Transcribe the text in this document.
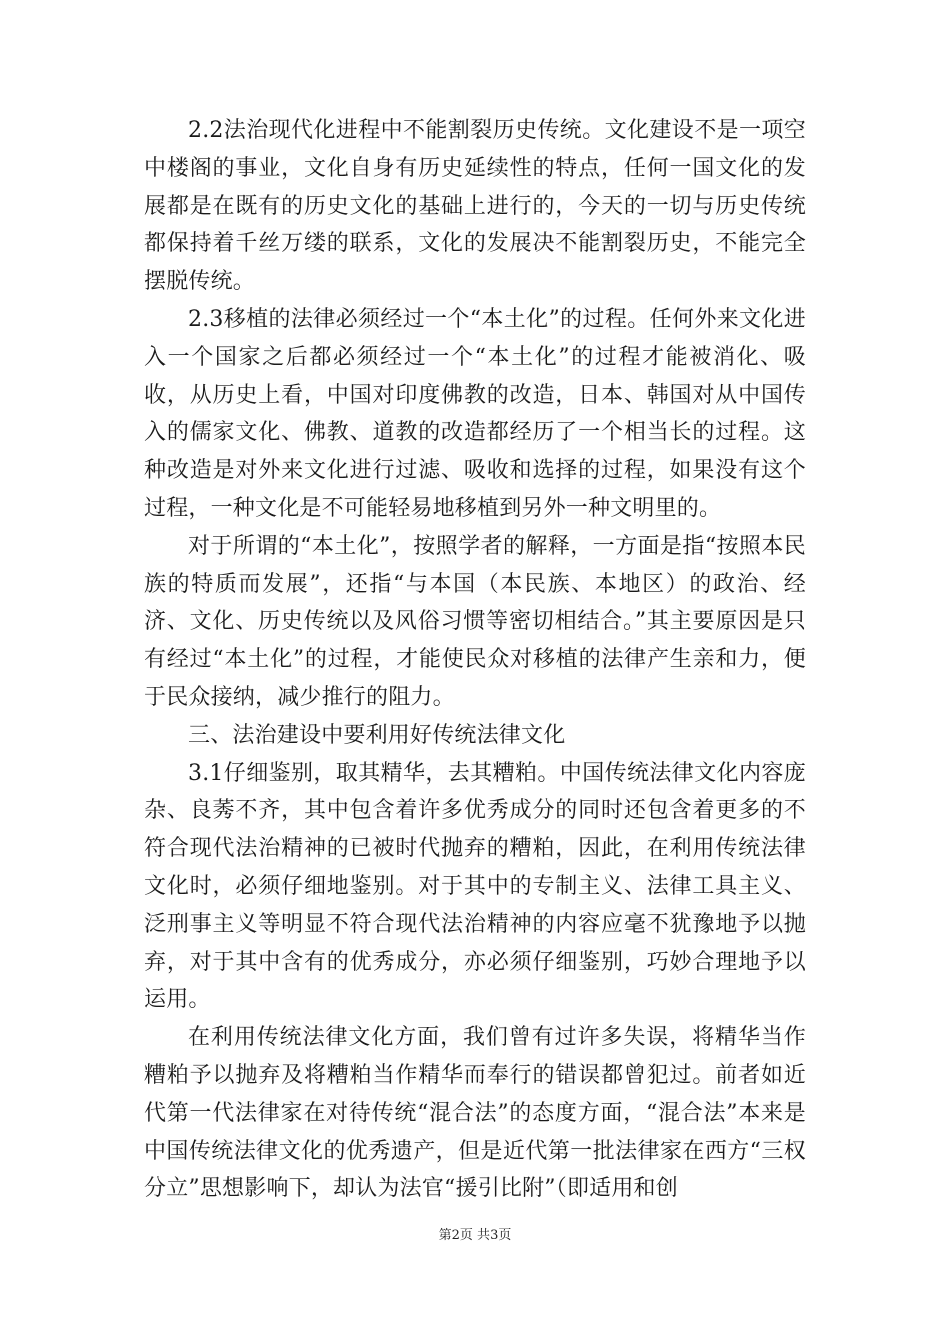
2.2法治现代化进程中不能割裂历史传统。文化建设不是一项空中楼阁的事业，文化自身有历史延续性的特点，任何一国文化的发展都是在既有的历史文化的基础上进行的，今天的一切与历史传统都保持着千丝万缕的联系，文化的发展决不能割裂历史，不能完全摆脱传统。

2.3移植的法律必须经过一个“本土化”的过程。任何外来文化进入一个国家之后都必须经过一个“本土化”的过程才能被消化、吸收，从历史上看，中国对印度佛教的改造，日本、韩国对从中国传入的儒家文化、佛教、道教的改造都经历了一个相当长的过程。这种改造是对外来文化进行过滤、吸收和选择的过程，如果没有这个过程，一种文化是不可能轻易地移植到另外一种文明里的。

对于所谓的“本土化”，按照学者的解释，一方面是指“按照本民族的特质而发展”，还指“与本国（本民族、本地区）的政治、经济、文化、历史传统以及风俗习惯等密切相结合。”其主要原因是只有经过“本土化”的过程，才能使民众对移植的法律产生亲和力，便于民众接纳，减少推行的阻力。

三、法治建设中要利用好传统法律文化

3.1仔细鉴别，取其精华，去其糟粕。中国传统法律文化内容庞杂、良莠不齐，其中包含着许多优秀成分的同时还包含着更多的不符合现代法治精神的已被时代抛弃的糟粕，因此，在利用传统法律文化时，必须仔细地鉴别。对于其中的专制主义、法律工具主义、泛刑事主义等明显不符合现代法治精神的内容应毫不犹豫地予以抛弃，对于其中含有的优秀成分，亦必须仔细鉴别，巧妙合理地予以运用。

在利用传统法律文化方面，我们曾有过许多失误，将精华当作糟粕予以抛弃及将糟粕当作精华而奉行的错误都曾犯过。前者如近代第一代法律家在对待传统“混合法”的态度方面，“混合法”本来是中国传统法律文化的优秀遗产，但是近代第一批法律家在西方“三权分立”思想影响下，却认为法官“援引比附”（即适用和创

第2页 共3页
